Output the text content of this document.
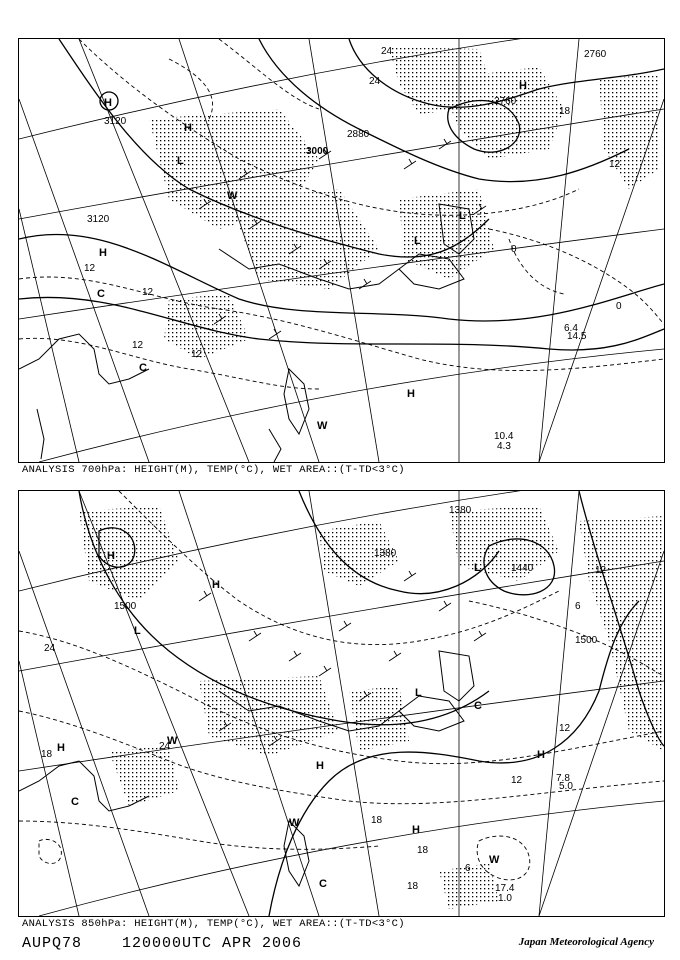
3120
3120
3000
2880
2760
2760
24
24
18
12
12
12
12
12
0
0
H
H
L
H
H
C
C
W
W
L
L
H
10.4
4.3
6.4
14.5
ANALYSIS 700hPa: HEIGHT(M), TEMP(°C), WET AREA::(T-TD<3°C)
1500
1380
1380
1440
1500
24
24
18
18
18
18
12
12
12
6
6
H
H
H
C
W
C
H
H
W
C
H
W
L
L
L
17.4
1.0
7.8
5.0
ANALYSIS 850hPa: HEIGHT(M), TEMP(°C), WET AREA::(T-TD<3°C)
AUPQ78	120000UTC APR 2006	Japan Meteorological Agency
